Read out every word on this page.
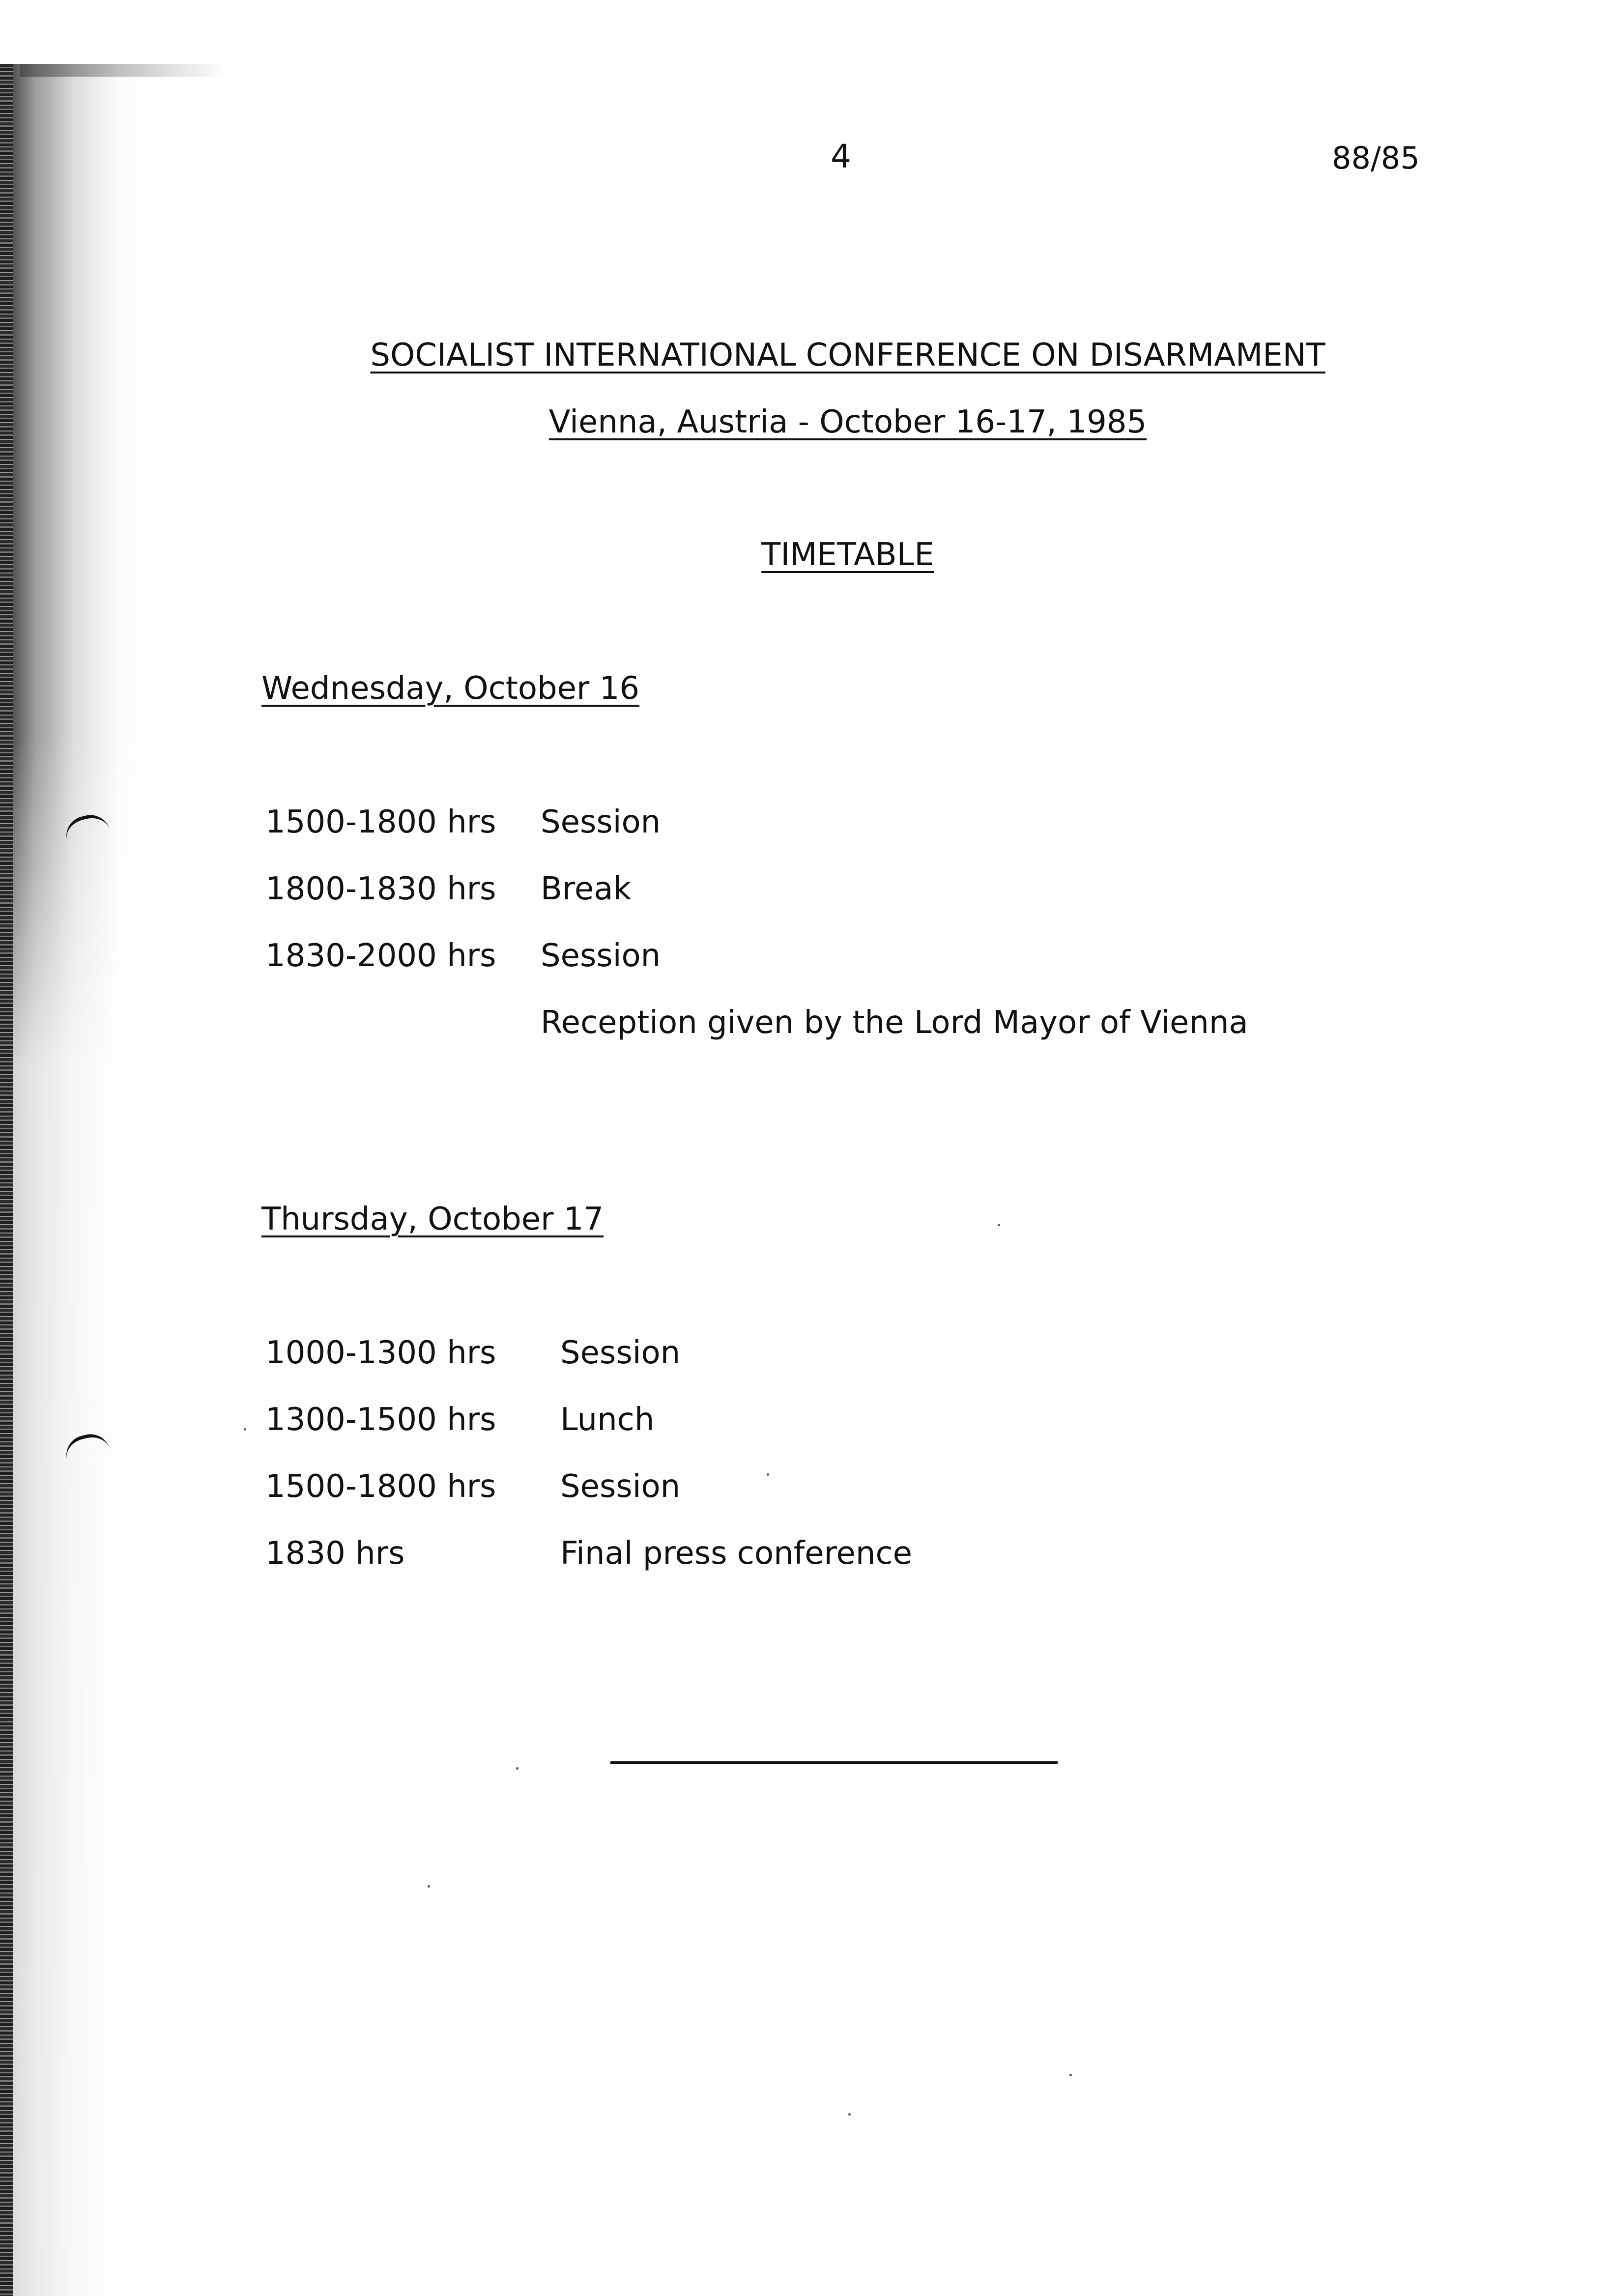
4	88/85
SOCIALIST INTERNATIONAL CONFERENCE ON DISARMAMENT
Vienna, Austria - October 16-17, 1985
TIMETABLE
Wednesday, October 16
1500-1800 hrs Session
1800-1830 hrs Break
1830-2000 hrs Session
Reception given by the Lord Mayor of Vienna
Thursday, October 17
1000-1300 hrs Session
1300-1500 hrs Lunch
1500-1800 hrs Session
1830 hrs	Final press conference
